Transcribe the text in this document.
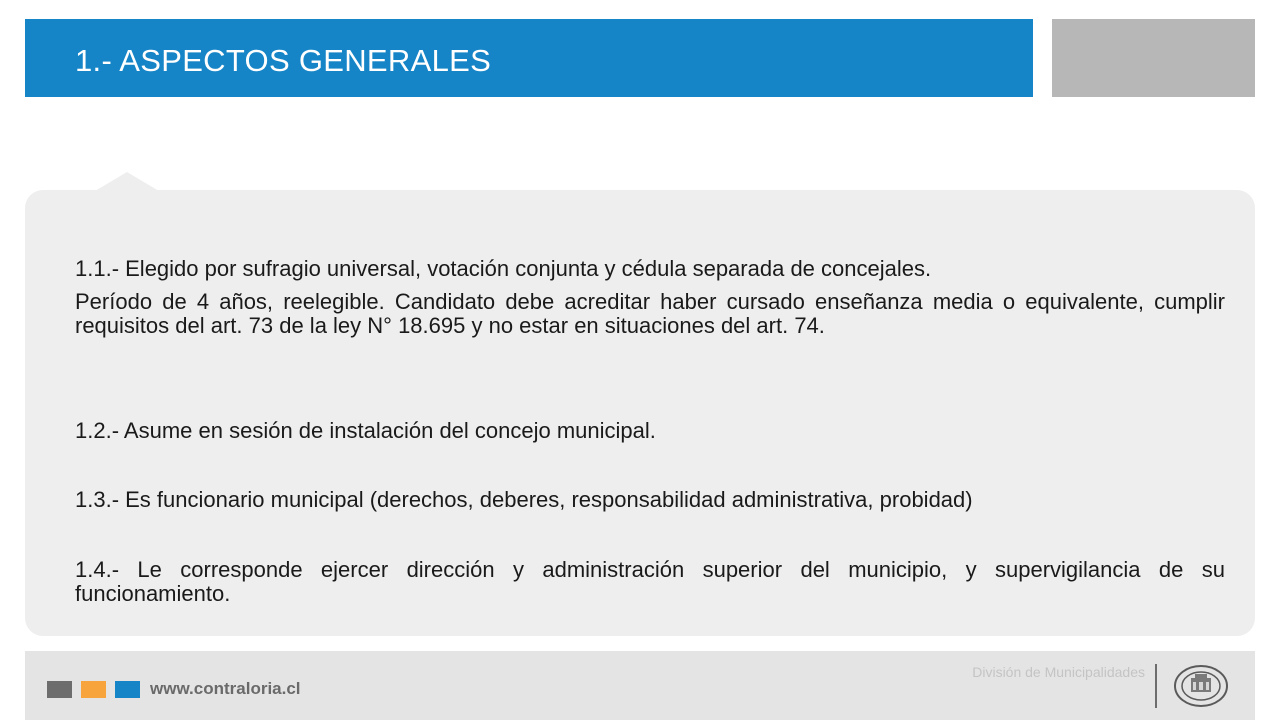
1.- ASPECTOS GENERALES
1.1.- Elegido por sufragio universal, votación conjunta y cédula separada de concejales.
Período de 4 años, reelegible. Candidato debe acreditar haber cursado enseñanza media o equivalente, cumplir requisitos del art. 73 de la ley N° 18.695 y no estar en situaciones del art. 74.
1.2.- Asume en sesión de instalación del concejo municipal.
1.3.- Es funcionario municipal (derechos, deberes, responsabilidad administrativa, probidad)
1.4.- Le corresponde ejercer dirección y administración superior del municipio, y supervigilancia de su funcionamiento.
www.contraloria.cl
División de Municipalidades
